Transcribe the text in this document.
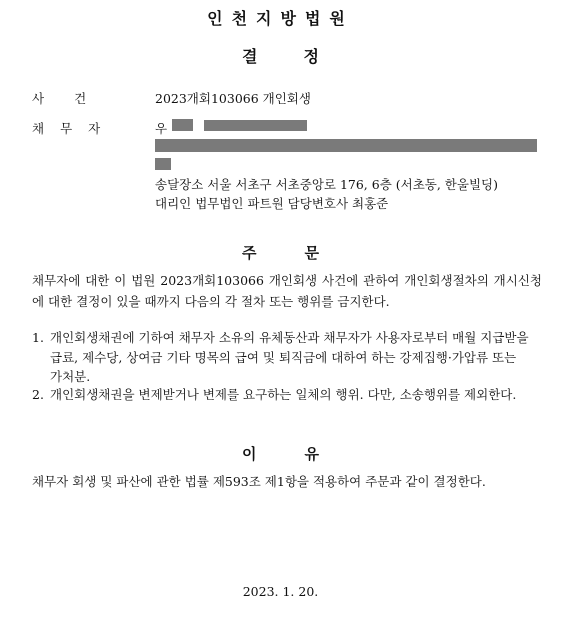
인천지방법원
결	정
사건	2023개회103066 개인회생
채무자	우
송달장소 서울 서초구 서초중앙로 176, 6층 (서초동, 한울빌딩)
대리인 법무법인 파트원 담당변호사 최홍준
주	문
채무자에 대한 이 법원 2023개회103066 개인회생 사건에 관하여 개인회생절차의 개시신청에 대한 결정이 있을 때까지 다음의 각 절차 또는 행위를 금지한다.
1. 개인회생채권에 기하여 채무자 소유의 유체동산과 채무자가 사용자로부터 매월 지급받을 급료, 제수당, 상여금 기타 명목의 급여 및 퇴직금에 대하여 하는 강제집행·가압류 또는 가처분.
2. 개인회생채권을 변제받거나 변제를 요구하는 일체의 행위. 다만, 소송행위를 제외한다.
이	유
채무자 회생 및 파산에 관한 법률 제593조 제1항을 적용하여 주문과 같이 결정한다.
2023. 1. 20.
